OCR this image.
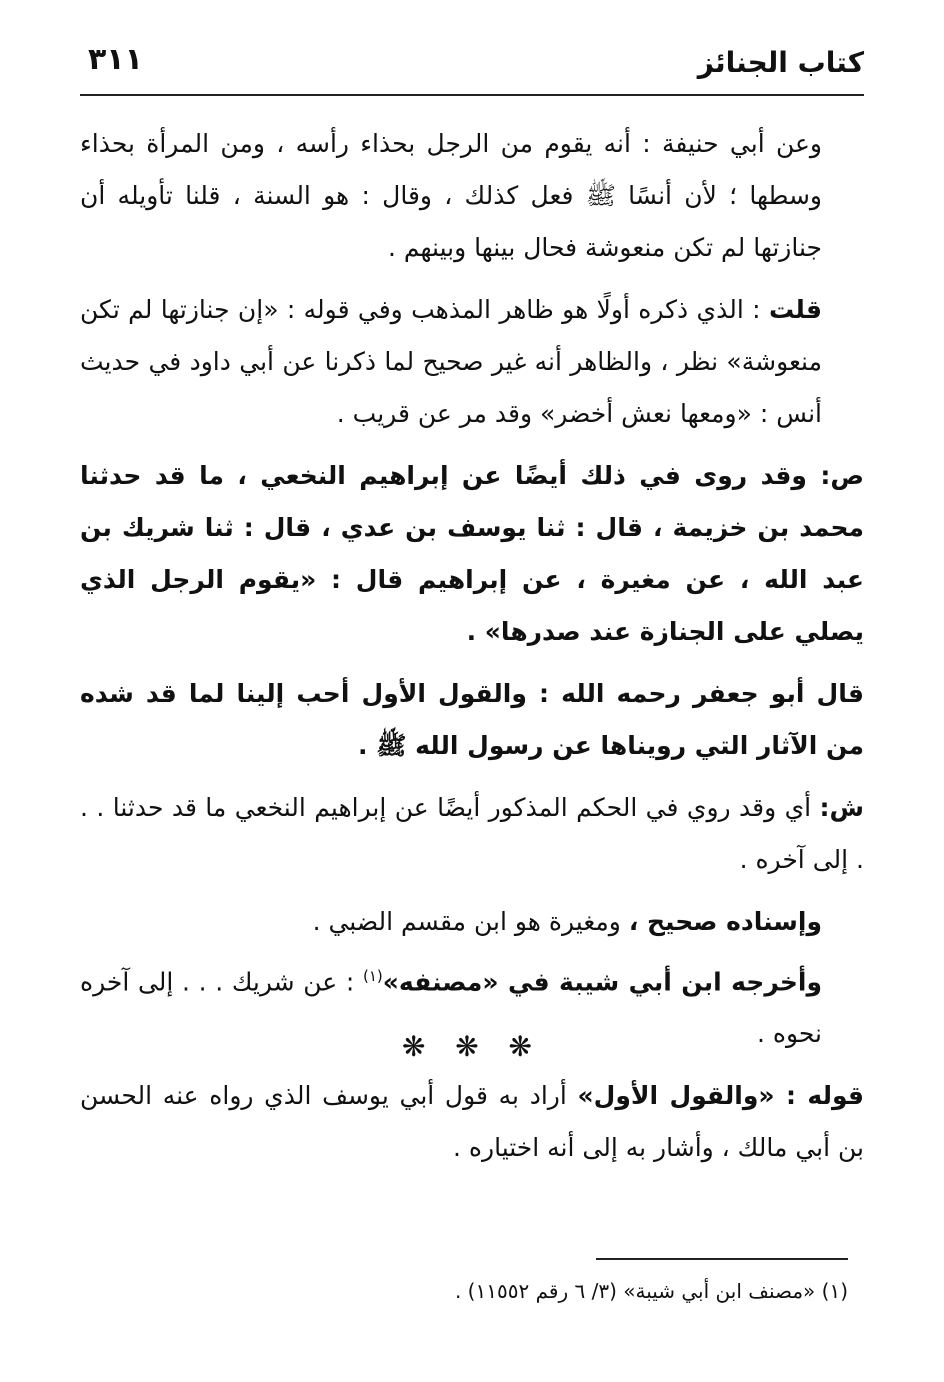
كتاب الجنائز
٣١١

وعن أبي حنيفة : أنه يقوم من الرجل بحذاء رأسه ، ومن المرأة بحذاء وسطها ؛ لأن أنسًا ﷺ فعل كذلك ، وقال : هو السنة ، قلنا تأويله أن جنازتها لم تكن منعوشة فحال بينها وبينهم .

قلت : الذي ذكره أولًا هو ظاهر المذهب وفي قوله : «إن جنازتها لم تكن منعوشة» نظر ، والظاهر أنه غير صحيح لما ذكرنا عن أبي داود في حديث أنس : «ومعها نعش أخضر» وقد مر عن قريب .

ص: وقد روى في ذلك أيضًا عن إبراهيم النخعي ، ما قد حدثنا محمد بن خزيمة ، قال : ثنا يوسف بن عدي ، قال : ثنا شريك بن عبد الله ، عن مغيرة ، عن إبراهيم قال : «يقوم الرجل الذي يصلي على الجنازة عند صدرها» .

قال أبو جعفر رحمه الله : والقول الأول أحب إلينا لما قد شده من الآثار التي رويناها عن رسول الله ﷺ .

ش: أي وقد روي في الحكم المذكور أيضًا عن إبراهيم النخعي ما قد حدثنا . . . إلى آخره .

وإسناده صحيح ، ومغيرة هو ابن مقسم الضبي .

وأخرجه ابن أبي شيبة في «مصنفه»$^{(١)}$ : عن شريك . . . إلى آخره نحوه .

قوله : «والقول الأول» أراد به قول أبي يوسف الذي رواه عنه الحسن بن أبي مالك ، وأشار به إلى أنه اختياره .

❋ ❋ ❋
(١) «مصنف ابن أبي شيبة» (٣/ ٦ رقم ١١٥٥٢) .
